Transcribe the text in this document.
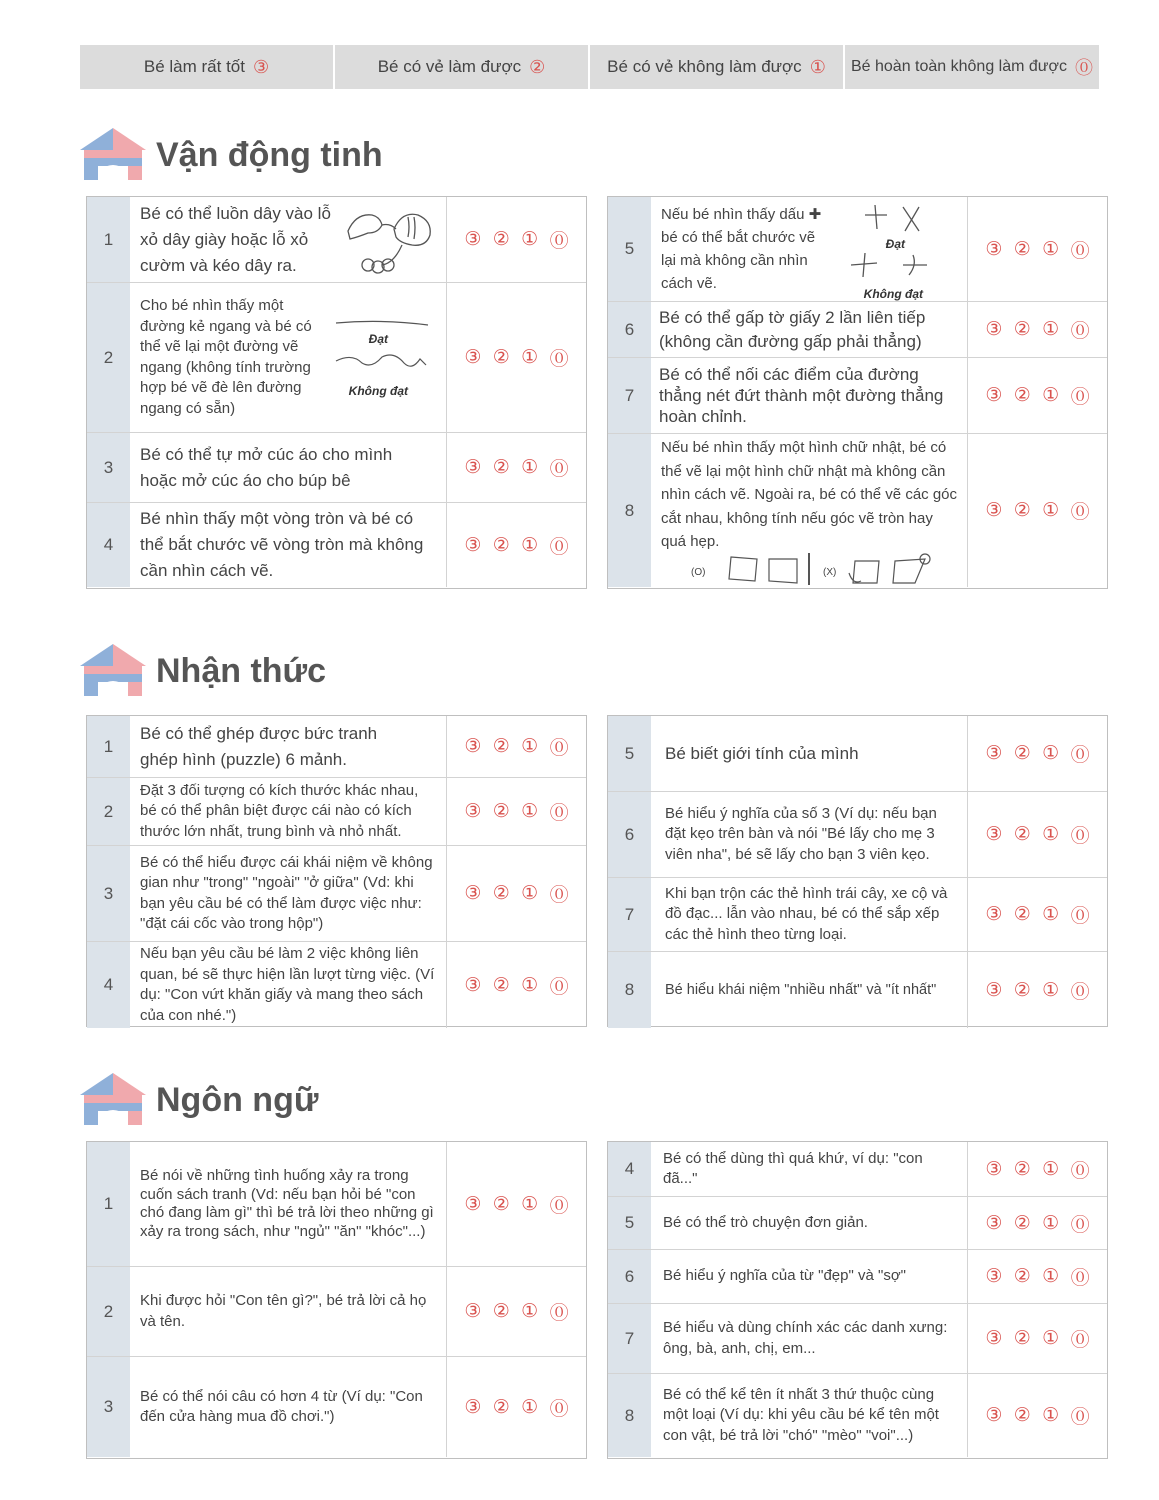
Bé làm rất tốt ③	Bé có vẻ làm được ②	Bé có vẻ không làm được ① Bé hoàn toàn không làm được ⓪
Vận động tinh
1
Bé có thể luồn dây vào lỗ xỏ dây giày hoặc lỗ xỏ cườm và kéo dây ra.
③ ② ① ⓪
2
Cho bé nhìn thấy một đường kẻ ngang và bé có thể vẽ lại một đường vẽ ngang (không tính trường hợp bé vẽ đè lên đường ngang có sẵn)
Đạt
Không đạt
③ ② ① ⓪
3
Bé có thể tự mở cúc áo cho mình hoặc mở cúc áo cho búp bê
③ ② ① ⓪
4
Bé nhìn thấy một vòng tròn và bé có thể bắt chước vẽ vòng tròn mà không cần nhìn cách vẽ.
③ ② ① ⓪
5
Nếu bé nhìn thấy dấu ✚ bé có thể bắt chước vẽ lại mà không cần nhìn cách vẽ.
Đạt
Không đạt
③ ② ① ⓪
6
Bé có thể gấp tờ giấy 2 lần liên tiếp (không cần đường gấp phải thẳng)
③ ② ① ⓪
7
Bé có thể nối các điểm của đường thẳng nét đứt thành một đường thẳng hoàn chỉnh.
③ ② ① ⓪
8
Nếu bé nhìn thấy một hình chữ nhật, bé có thể vẽ lại một hình chữ nhật mà không cần nhìn cách vẽ. Ngoài ra, bé có thể vẽ các góc cắt nhau, không tính nếu góc vẽ tròn hay quá hẹp.
(O)	(X)
③ ② ① ⓪
Nhận thức
1
Bé có thể ghép được bức tranh ghép hình (puzzle) 6 mảnh.
③ ② ① ⓪
2
Đặt 3 đối tượng có kích thước khác nhau, bé có thể phân biệt được cái nào có kích thước lớn nhất, trung bình và nhỏ nhất.
③ ② ① ⓪
3
Bé có thể hiểu được cái khái niệm về không gian như "trong" "ngoài" "ở giữa" (Vd: khi bạn yêu cầu bé có thể làm được việc như: "đặt cái cốc vào trong hộp")
③ ② ① ⓪
4
Nếu bạn yêu cầu bé làm 2 việc không liên quan, bé sẽ thực hiện lần lượt từng việc. (Ví dụ: "Con vứt khăn giấy và mang theo sách của con nhé.")
③ ② ① ⓪
5	Bé biết giới tính của mình	③ ② ① ⓪
6
Bé hiểu ý nghĩa của số 3 (Ví dụ: nếu bạn đặt kẹo trên bàn và nói "Bé lấy cho mẹ 3 viên nha", bé sẽ lấy cho bạn 3 viên kẹo.
③ ② ① ⓪
7
Khi bạn trộn các thẻ hình trái cây, xe cộ và đồ đạc... lẫn vào nhau, bé có thể sắp xếp các thẻ hình theo từng loại.
③ ② ① ⓪
8	Bé hiểu khái niệm "nhiều nhất" và "ít nhất"	③ ② ① ⓪
Ngôn ngữ
1
Bé nói về những tình huống xảy ra trong cuốn sách tranh (Vd: nếu bạn hỏi bé "con chó đang làm gì" thì bé trả lời theo những gì xảy ra trong sách, như "ngủ" "ăn" "khóc"...)
③ ② ① ⓪
2
Khi được hỏi "Con tên gì?", bé trả lời cả họ và tên.	③ ② ① ⓪
3
Bé có thể nói câu có hơn 4 từ (Ví dụ: "Con đến cửa hàng mua đồ chơi.")	③ ② ① ⓪
4
Bé có thể dùng thì quá khứ, ví dụ: "con đã..."	③ ② ① ⓪
5	Bé có thể trò chuyện đơn giản.	③ ② ① ⓪
6	Bé hiểu ý nghĩa của từ "đẹp" và "sợ"	③ ② ① ⓪
7
Bé hiểu và dùng chính xác các danh xưng: ông, bà, anh, chị, em...	③ ② ① ⓪
8
Bé có thể kể tên ít nhất 3 thứ thuộc cùng một loại (Ví dụ: khi yêu cầu bé kể tên một con vật, bé trả lời "chó" "mèo" "voi"...)
③ ② ① ⓪
